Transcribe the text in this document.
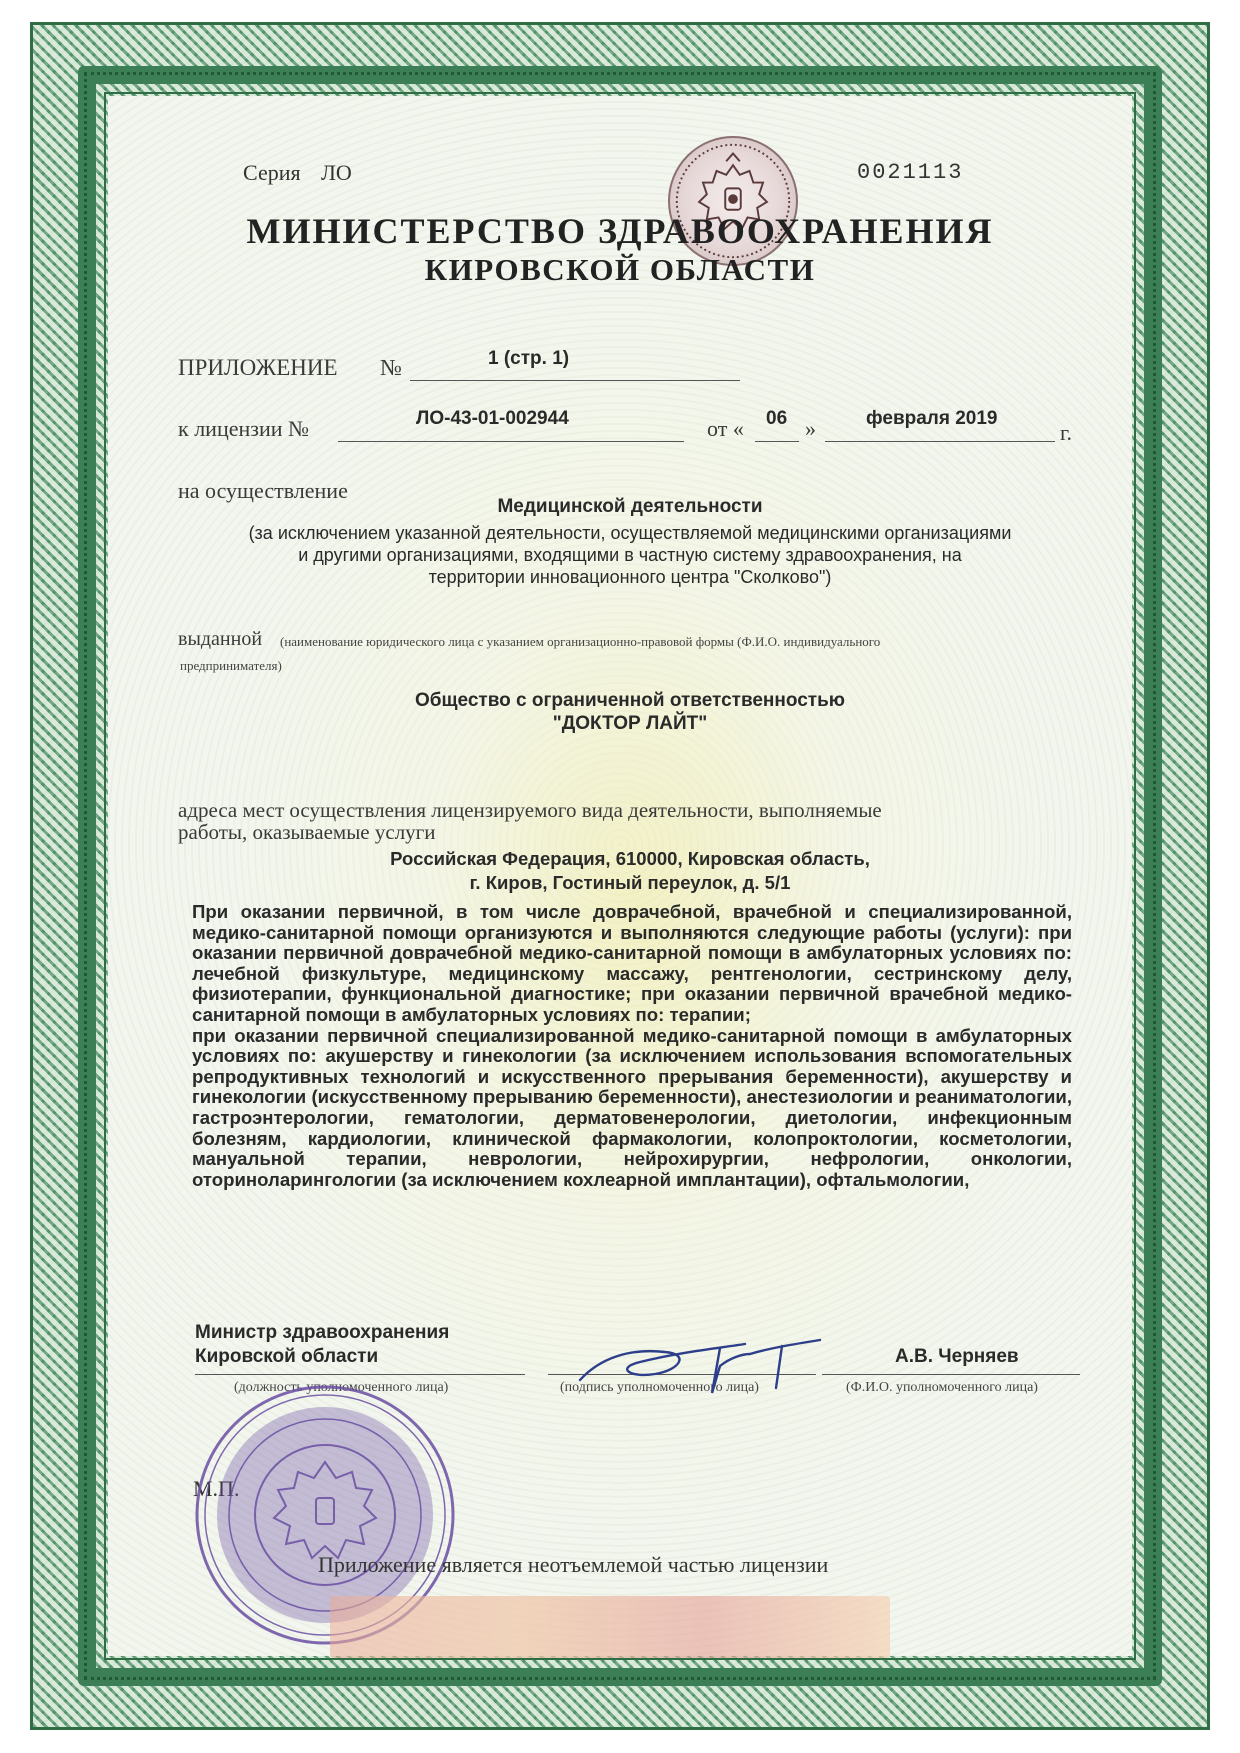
Серия ЛО	0021113
МИНИСТЕРСТВО ЗДРАВООХРАНЕНИЯ
КИРОВСКОЙ ОБЛАСТИ
ПРИЛОЖЕНИЕ №	1 (стр. 1)
к лицензии №	ЛО-43-01-002944	от « 06 »	февраля 2019
г.
на осуществление
Медицинской деятельности
(за исключением указанной деятельности, осуществляемой медицинскими организациями
и другими организациями, входящими в частную систему здравоохранения, на
территории инновационного центра "Сколково")
выданной (наименование юридического лица с указанием организационно-правовой формы (Ф.И.О. индивидуального
предпринимателя)
Общество с ограниченной ответственностью
"ДОКТОР ЛАЙТ"
адреса мест осуществления лицензируемого вида деятельности, выполняемые
работы, оказываемые услуги
Российская Федерация, 610000, Кировская область,
г. Киров, Гостиный переулок, д. 5/1

При оказании первичной, в том числе доврачебной, врачебной и специализированной, медико-санитарной помощи организуются и выполняются следующие работы (услуги): при оказании первичной доврачебной медико-санитарной помощи в амбулаторных условиях по: лечебной физкультуре, медицинскому массажу, рентгенологии, сестринскому делу, физиотерапии, функциональной диагностике; при оказании первичной врачебной медико-санитарной помощи в амбулаторных условиях по: терапии;

при оказании первичной специализированной медико-санитарной помощи в амбулаторных условиях по: акушерству и гинекологии (за исключением использования вспомогательных репродуктивных технологий и искусственного прерывания беременности), акушерству и гинекологии (искусственному прерыванию беременности), анестезиологии и реаниматологии, гастроэнтерологии, гематологии, дерматовенерологии, диетологии, инфекционным болезням, кардиологии, клинической фармакологии, колопроктологии, косметологии, мануальной терапии, неврологии, нейрохирургии, нефрологии, онкологии, оториноларингологии (за исключением кохлеарной имплантации), офтальмологии,

Министр здравоохранения
Кировской области	А.В. Черняев
(должность уполномоченного лица)	(подпись уполномоченного лица)	(Ф.И.О. уполномоченного лица)
М.П.
Приложение является неотъемлемой частью лицензии
